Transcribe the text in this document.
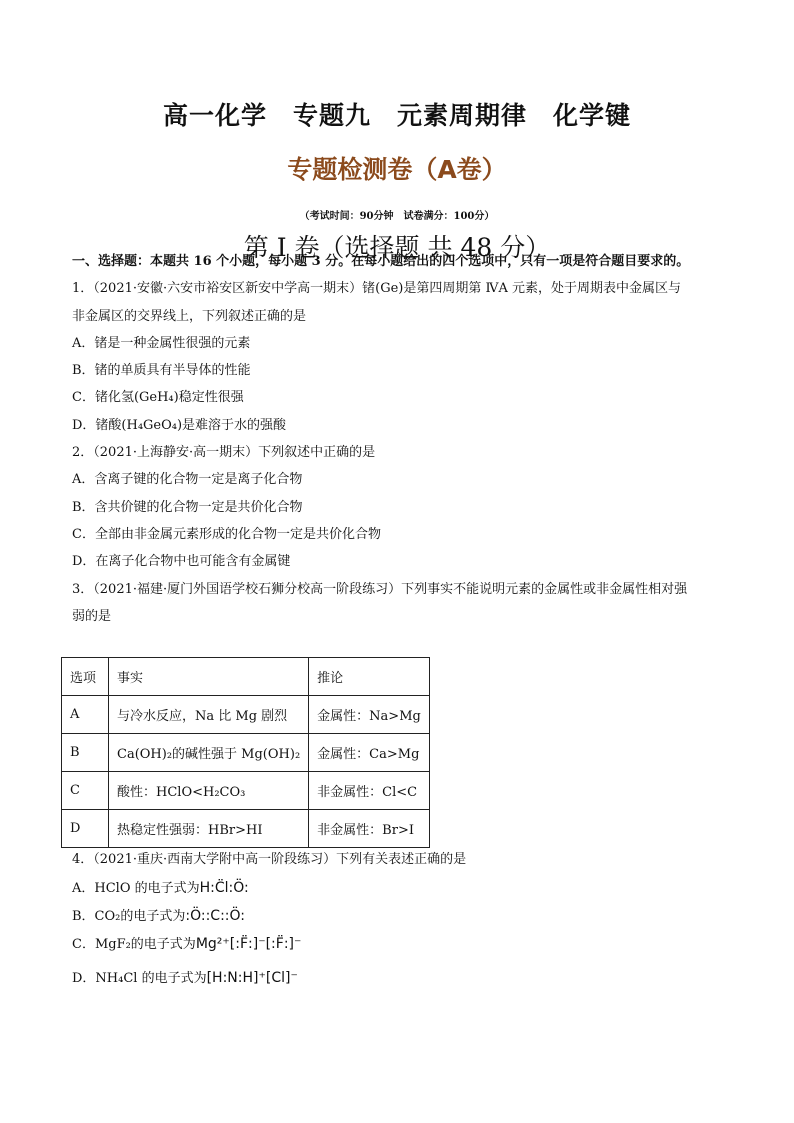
高一化学　专题九　元素周期律　化学键
专题检测卷（A卷）
（考试时间：90分钟　试卷满分：100分）
第 I 卷（选择题 共 48 分）
一、选择题：本题共 16 个小题，每小题 3 分。在每小题给出的四个选项中，只有一项是符合题目要求的。
1．（2021·安徽·六安市裕安区新安中学高一期末）锗(Ge)是第四周期第 ⅣA 元素，处于周期表中金属区与
非金属区的交界线上，下列叙述正确的是
A．锗是一种金属性很强的元素
B．锗的单质具有半导体的性能
C．锗化氢(GeH₄)稳定性很强
D．锗酸(H₄GeO₄)是难溶于水的强酸
2．（2021·上海静安·高一期末）下列叙述中正确的是
A．含离子键的化合物一定是离子化合物
B．含共价键的化合物一定是共价化合物
C．全部由非金属元素形成的化合物一定是共价化合物
D．在离子化合物中也可能含有金属键
3．（2021·福建·厦门外国语学校石狮分校高一阶段练习）下列事实不能说明元素的金属性或非金属性相对强
弱的是
选项	事实	推论
A	与冷水反应，Na 比 Mg 剧烈	金属性：Na>Mg
B	Ca(OH)₂的碱性强于 Mg(OH)₂	金属性：Ca>Mg
C	酸性：HClO<H₂CO₃	非金属性：Cl<C
D	热稳定性强弱：HBr>HI	非金属性：Br>I
4．（2021·重庆·西南大学附中高一阶段练习）下列有关表述正确的是
A．HClO 的电子式为H:C̈l:Ö:
B．CO₂的电子式为:Ö::C::Ö:
C．MgF₂的电子式为Mg²⁺[:F̈:]⁻[:F̈:]⁻
D．NH₄Cl 的电子式为[H:N:H]⁺[Cl]⁻
